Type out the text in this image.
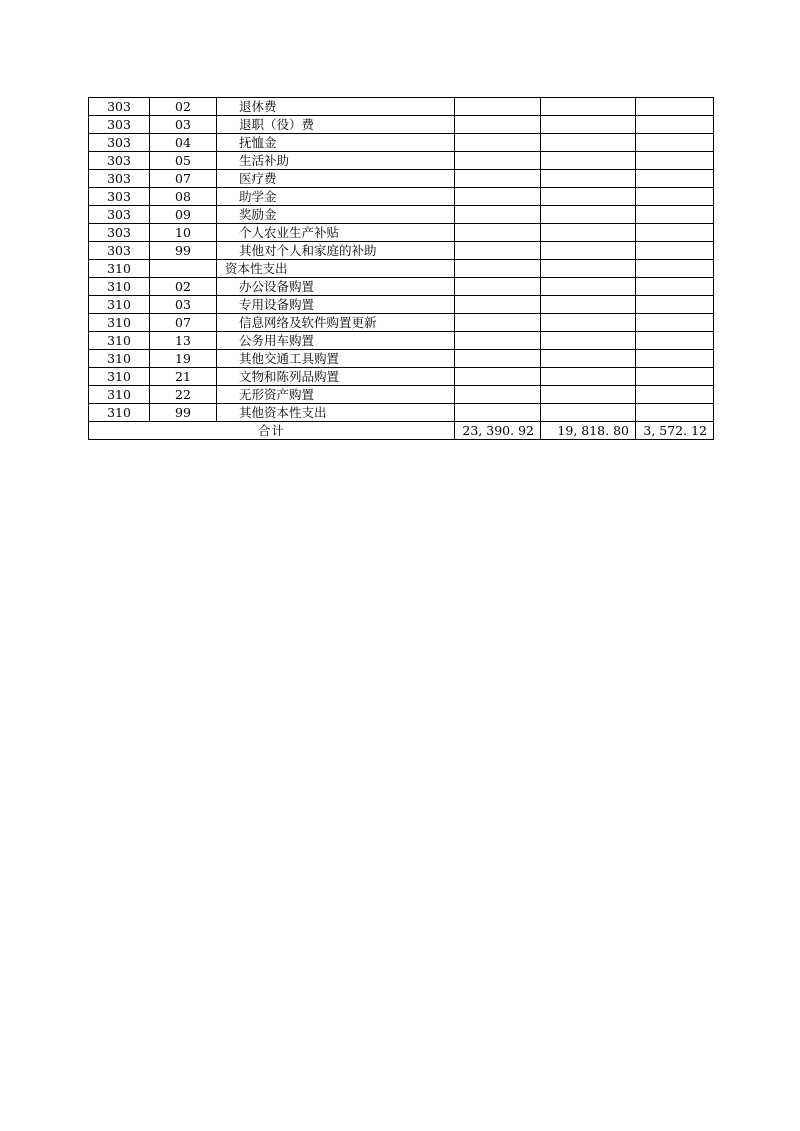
303	02	退休费			
303	03	退职（役）费			
303	04	抚恤金			
303	05	生活补助			
303	07	医疗费			
303	08	助学金			
303	09	奖励金			
303	10	个人农业生产补贴			
303	99	其他对个人和家庭的补助			
310		资本性支出			
310	02	办公设备购置			
310	03	专用设备购置			
310	07	信息网络及软件购置更新			
310	13	公务用车购置			
310	19	其他交通工具购置			
310	21	文物和陈列品购置			
310	22	无形资产购置			
310	99	其他资本性支出			
合计			23, 390. 92	19, 818. 80	3, 572. 12
